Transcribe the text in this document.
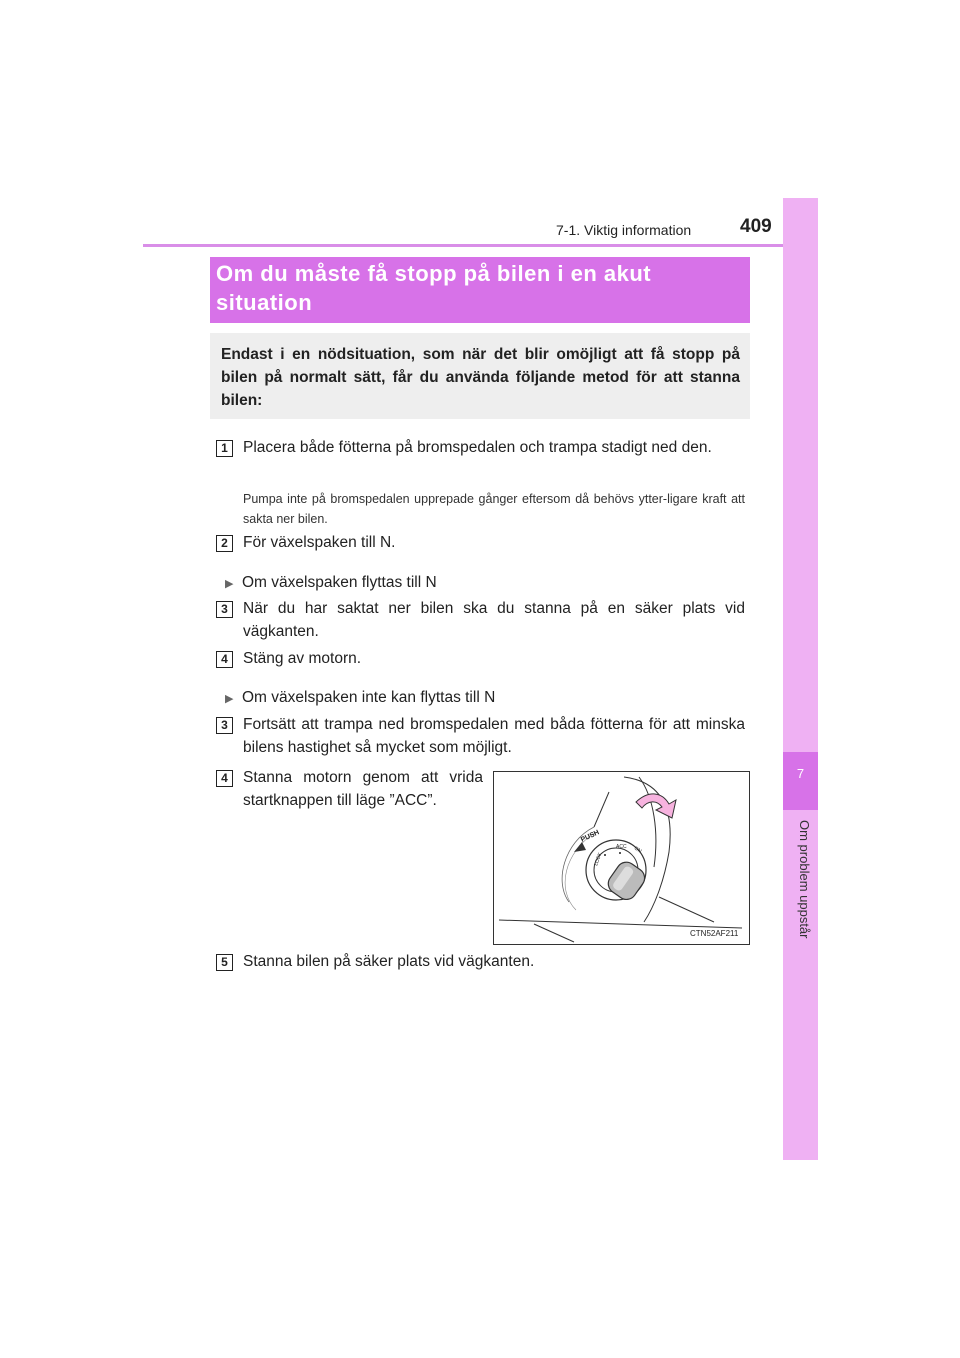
7-1. Viktig information	409
7
Om problem uppstår
Om du måste få stopp på bilen i en akut situation
Endast i en nödsituation, som när det blir omöjligt att få stopp på bilen på normalt sätt, får du använda följande metod för att stanna bilen:
1 Placera både fötterna på bromspedalen och trampa stadigt ned den.
Pumpa inte på bromspedalen upprepade gånger eftersom då behövs ytter-ligare kraft att sakta ner bilen.
2 För växelspaken till N.
▶ Om växelspaken flyttas till N
3 När du har saktat ner bilen ska du stanna på en säker plats vid vägkanten.
4 Stäng av motorn.
▶ Om växelspaken inte kan flyttas till N
3 Fortsätt att trampa ned bromspedalen med båda fötterna för att minska bilens hastighet så mycket som möjligt.
4 Stanna motorn genom att vrida startknappen till läge ”ACC”.
PUSH
LOCK
ACC ON
CTN52AF211
5 Stanna bilen på säker plats vid vägkanten.
